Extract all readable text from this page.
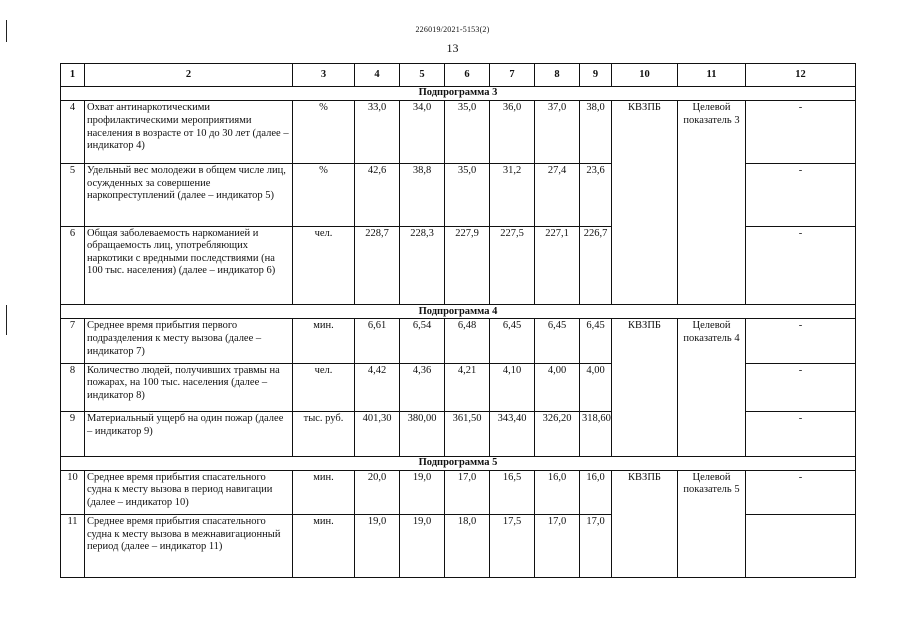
226019/2021-5153(2)
13
1	2	3	4	5	6	7	8	9	10	11	12
Подпрограмма 3											
4	Охват антинаркотическими профилактическими мероприятиями населения в возрасте от 10 до 30 лет (далее – индикатор 4)	%	33,0	34,0	35,0	36,0	37,0	38,0	КВЗПБ	Целевой показатель 3	-
5	Удельный вес молодежи в общем числе лиц, осужденных за совершение наркопреступлений (далее – индикатор 5)	%	42,6	38,8	35,0	31,2	27,4	23,6			-
6	Общая заболеваемость наркоманией и обращаемость лиц, употребляющих наркотики с вредными последствиями (на 100 тыс. населения) (далее – индикатор 6)	чел.	228,7	228,3	227,9	227,5	227,1	226,7			-
Подпрограмма 4											
7	Среднее время прибытия первого подразделения к месту вызова (далее – индикатор 7)	мин.	6,61	6,54	6,48	6,45	6,45	6,45	КВЗПБ	Целевой показатель 4	-
8	Количество людей, получивших травмы на пожарах, на 100 тыс. населения (далее – индикатор 8)	чел.	4,42	4,36	4,21	4,10	4,00	4,00			-
9	Материальный ущерб на один пожар (далее – индикатор 9)	тыс. руб.	401,30	380,00	361,50	343,40	326,20	318,60			-
Подпрограмма 5											
10	Среднее время прибытия спасательного судна к месту вызова в период навигации (далее – индикатор 10)	мин.	20,0	19,0	17,0	16,5	16,0	16,0	КВЗПБ	Целевой показатель 5	-
11	Среднее время прибытия спасательного судна к месту вызова в межнавигационный период (далее – индикатор 11)	мин.	19,0	19,0	18,0	17,5	17,0	17,0			
